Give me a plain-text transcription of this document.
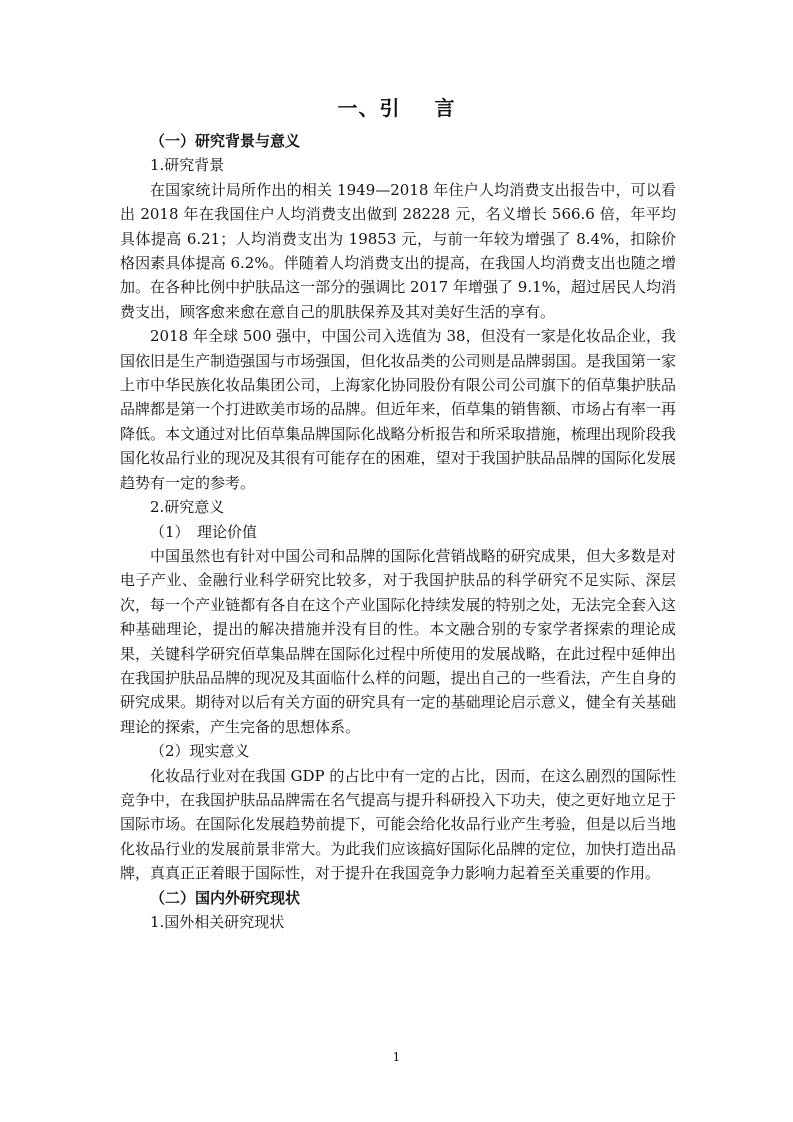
一、引 言
（一）研究背景与意义
1.研究背景

在国家统计局所作出的相关 1949—2018 年住户人均消费支出报告中，可以看出 2018 年在我国住户人均消费支出做到 28228 元，名义增长 566.6 倍，年平均具体提高 6.21；人均消费支出为 19853 元，与前一年较为增强了 8.4%，扣除价格因素具体提高 6.2%。伴随着人均消费支出的提高，在我国人均消费支出也随之增加。在各种比例中护肤品这一部分的强调比 2017 年增强了 9.1%，超过居民人均消费支出，顾客愈来愈在意自己的肌肤保养及其对美好生活的享有。

2018 年全球 500 强中，中国公司入选值为 38，但没有一家是化妆品企业，我国依旧是生产制造强国与市场强国，但化妆品类的公司则是品牌弱国。是我国第一家上市中华民族化妆品集团公司，上海家化协同股份有限公司公司旗下的佰草集护肤品品牌都是第一个打进欧美市场的品牌。但近年来，佰草集的销售额、市场占有率一再降低。本文通过对比佰草集品牌国际化战略分析报告和所采取措施，梳理出现阶段我国化妆品行业的现况及其很有可能存在的困难，望对于我国护肤品品牌的国际化发展趋势有一定的参考。

2.研究意义
（1）　理论价值

中国虽然也有针对中国公司和品牌的国际化营销战略的研究成果，但大多数是对电子产业、金融行业科学研究比较多，对于我国护肤品的科学研究不足实际、深层次，每一个产业链都有各自在这个产业国际化持续发展的特别之处，无法完全套入这种基础理论，提出的解决措施并没有目的性。本文融合别的专家学者探索的理论成果，关键科学研究佰草集品牌在国际化过程中所使用的发展战略，在此过程中延伸出在我国护肤品品牌的现况及其面临什么样的问题，提出自己的一些看法，产生自身的研究成果。期待对以后有关方面的研究具有一定的基础理论启示意义，健全有关基础理论的探索，产生完备的思想体系。

（2）现实意义

化妆品行业对在我国 GDP 的占比中有一定的占比，因而，在这么剧烈的国际性竞争中，在我国护肤品品牌需在名气提高与提升科研投入下功夫，使之更好地立足于国际市场。在国际化发展趋势前提下，可能会给化妆品行业产生考验，但是以后当地化妆品行业的发展前景非常大。为此我们应该搞好国际化品牌的定位，加快打造出品牌，真真正正着眼于国际性，对于提升在我国竞争力影响力起着至关重要的作用。

（二）国内外研究现状
1.国外相关研究现状
1
